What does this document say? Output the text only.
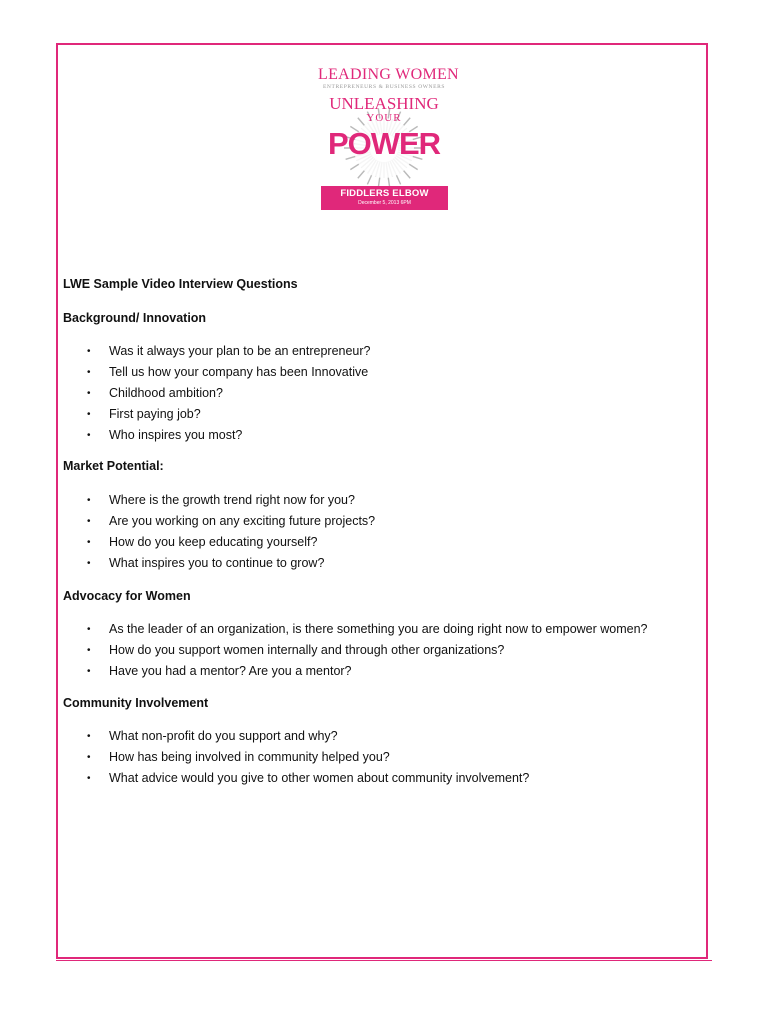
LEADING WOMEN
ENTREPRENEURS & BUSINESS OWNERS
UNLEASHING
YOUR
POWER
FIDDLERS ELBOW
December 5, 2013 6PM
LWE Sample Video Interview Questions
Background/ Innovation
• Was it always your plan to be an entrepreneur?
• Tell us how your company has been Innovative
• Childhood ambition?
• First paying job?
• Who inspires you most?
Market Potential:
• Where is the growth trend right now for you?
• Are you working on any exciting future projects?
• How do you keep educating yourself?
• What inspires you to continue to grow?
Advocacy for Women
• As the leader of an organization, is there something you are doing right now to empower women?
• How do you support women internally and through other organizations?
• Have you had a mentor? Are you a mentor?
Community Involvement
• What non-profit do you support and why?
• How has being involved in community helped you?
• What advice would you give to other women about community involvement?
